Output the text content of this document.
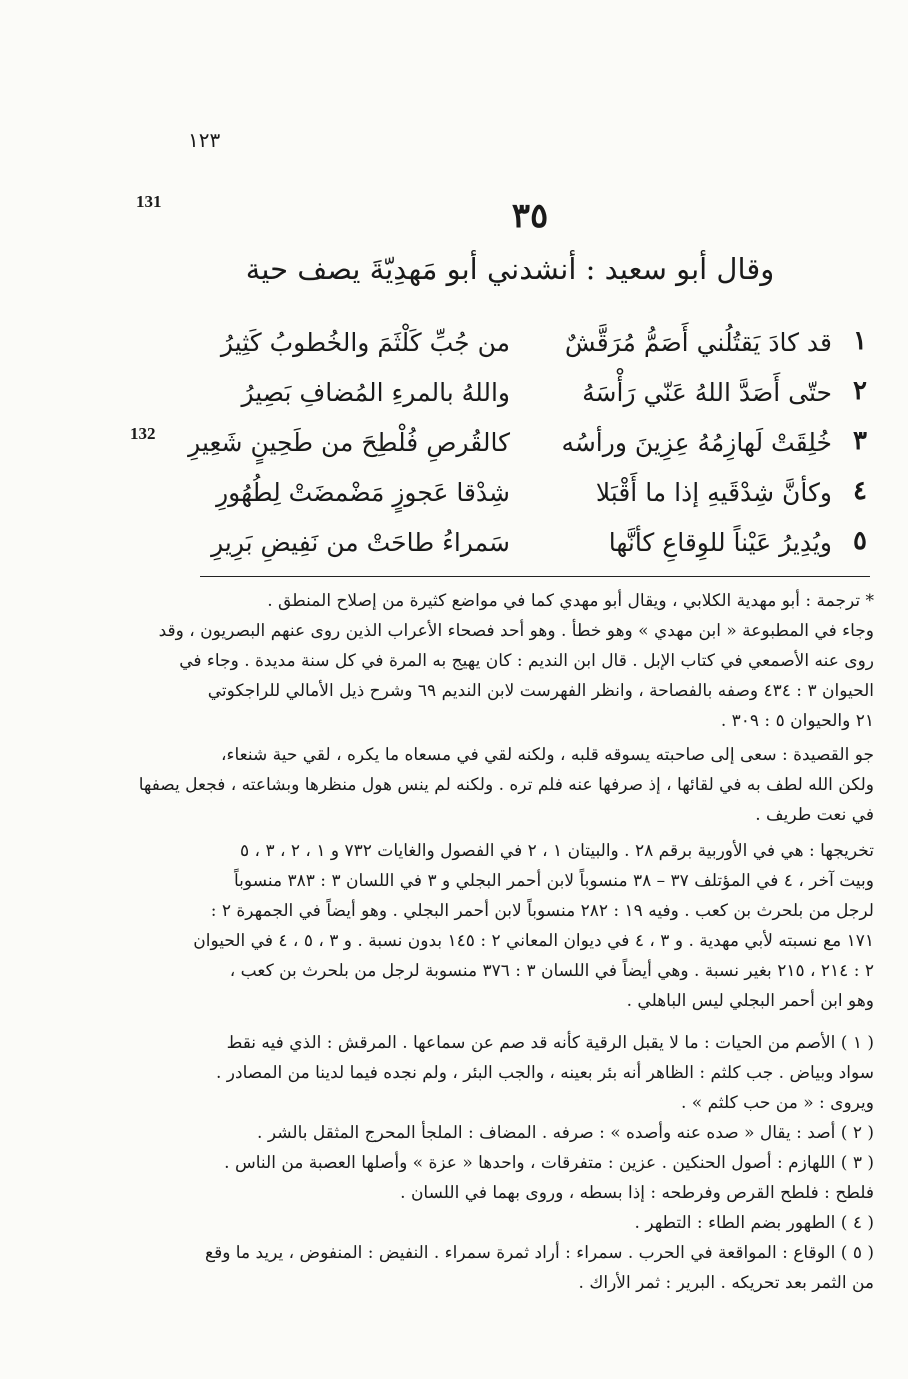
١٢٣
131
132
٣٥
وقال أبو سعيد : أنشدني أبو مَهدِيّةَ يصف حية
١
قد كادَ يَقتُلُني أَصَمُّ مُرَقَّشٌ
من جُبِّ كَلْثَمَ والخُطوبُ كَثِيرُ
٢
حتّى أَصَدَّ اللهُ عَنّي رَأْسَهُ
واللهُ بالمرءِ المُضافِ بَصِيرُ
٣
خُلِقَتْ لَهازِمُهُ عِزِينَ ورأسُه
كالقُرصِ فُلْطِحَ من طَحِينٍ شَعِيرِ
٤
وكأنَّ شِدْقَيهِ إذا ما أَقْبَلا
شِدْقا عَجوزٍ مَضْمضَتْ لِطُهُورِ
٥
ويُدِيرُ عَيْناً للوِقاعِ كأنَّها
سَمراءُ طاحَتْ من نَفِيضِ بَرِيرِ
* ترجمة : أبو مهدية الكلابي ، ويقال أبو مهدي كما في مواضع كثيرة من إصلاح المنطق .
وجاء في المطبوعة « ابن مهدي » وهو خطأ . وهو أحد فصحاء الأعراب الذين روى عنهم البصريون ، وقد
روى عنه الأصمعي في كتاب الإبل . قال ابن النديم : كان يهيج به المرة في كل سنة مديدة . وجاء في
الحيوان ٣ : ٤٣٤ وصفه بالفصاحة ، وانظر الفهرست لابن النديم ٦٩ وشرح ذيل الأمالي للراجكوتي
٢١ والحيوان ٥ : ٣٠٩ .
جو القصيدة : سعى إلى صاحبته يسوقه قلبه ، ولكنه لقي في مسعاه ما يكره ، لقي حية شنعاء،
ولكن الله لطف به في لقائها ، إذ صرفها عنه فلم تره . ولكنه لم ينس هول منظرها وبشاعته ، فجعل يصفها
في نعت طريف .
تخريجها : هي في الأوربية برقم ٢٨ . والبيتان ١ ، ٢ في الفصول والغايات ٧٣٢ و ١ ، ٢ ، ٣ ، ٥
وبيت آخر ، ٤ في المؤتلف ٣٧ – ٣٨ منسوباً لابن أحمر البجلي و ٣ في اللسان ٣ : ٣٨٣ منسوباً
لرجل من بلحرث بن كعب . وفيه ١٩ : ٢٨٢ منسوباً لابن أحمر البجلي . وهو أيضاً في الجمهرة ٢ :
١٧١ مع نسبته لأبي مهدية . و ٣ ، ٤ في ديوان المعاني ٢ : ١٤٥ بدون نسبة . و ٣ ، ٥ ، ٤ في الحيوان
٢ : ٢١٤ ، ٢١٥ بغير نسبة . وهي أيضاً في اللسان ٣ : ٣٧٦ منسوبة لرجل من بلحرث بن كعب ،
وهو ابن أحمر البجلي ليس الباهلي .
( ١ ) الأصم من الحيات : ما لا يقبل الرقية كأنه قد صم عن سماعها . المرقش : الذي فيه نقط
سواد وبياض . جب كلثم : الظاهر أنه بئر بعينه ، والجب البئر ، ولم نجده فيما لدينا من المصادر .
ويروى : « من حب كلثم » .
( ٢ ) أصد : يقال « صده عنه وأصده » : صرفه . المضاف : الملجأ المحرج المثقل بالشر .
( ٣ ) اللهازم : أصول الحنكين . عزين : متفرقات ، واحدها « عزة » وأصلها العصبة من الناس .
فلطح : فلطح القرص وفرطحه : إذا بسطه ، وروى بهما في اللسان .
( ٤ ) الطهور بضم الطاء : التطهر .
( ٥ ) الوقاع : المواقعة في الحرب . سمراء : أراد ثمرة سمراء . النفيض : المنفوض ، يريد ما وقع
من الثمر بعد تحريكه . البرير : ثمر الأراك .
